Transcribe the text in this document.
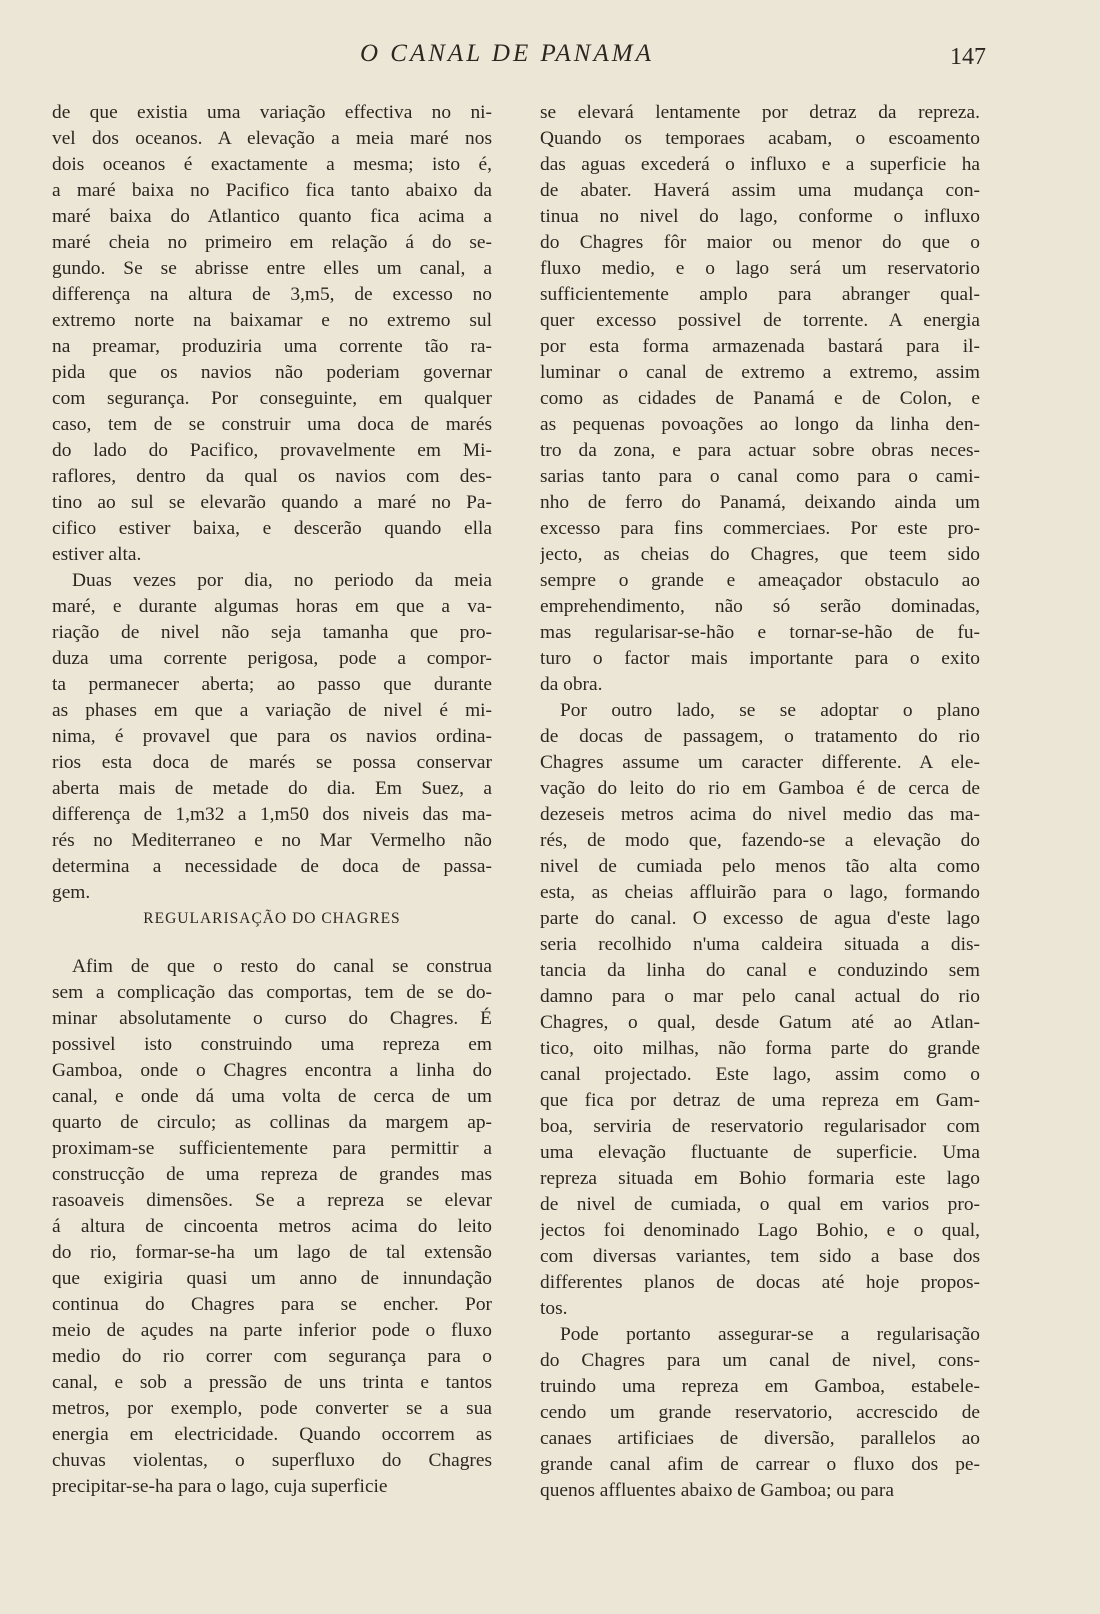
O CANAL DE PANAMA	147
de que existia uma variação effectiva no ni-
vel dos oceanos. A elevação a meia maré nos
dois oceanos é exactamente a mesma; isto é,
a maré baixa no Pacifico fica tanto abaixo da
maré baixa do Atlantico quanto fica acima a
maré cheia no primeiro em relação á do se-
gundo. Se se abrisse entre elles um canal, a
differença na altura de 3,m5, de excesso no
extremo norte na baixamar e no extremo sul
na preamar, produziria uma corrente tão ra-
pida que os navios não poderiam governar
com segurança. Por conseguinte, em qualquer
caso, tem de se construir uma doca de marés
do lado do Pacifico, provavelmente em Mi-
raflores, dentro da qual os navios com des-
tino ao sul se elevarão quando a maré no Pa-
cifico estiver baixa, e descerão quando ella
estiver alta.
Duas vezes por dia, no periodo da meia
maré, e durante algumas horas em que a va-
riação de nivel não seja tamanha que pro-
duza uma corrente perigosa, pode a compor-
ta permanecer aberta; ao passo que durante
as phases em que a variação de nivel é mi-
nima, é provavel que para os navios ordina-
rios esta doca de marés se possa conservar
aberta mais de metade do dia. Em Suez, a
differença de 1,m32 a 1,m50 dos niveis das ma-
rés no Mediterraneo e no Mar Vermelho não
determina a necessidade de doca de passa-
gem.
REGULARISAÇÃO DO CHAGRES
Afim de que o resto do canal se construa
sem a complicação das comportas, tem de se do-
minar absolutamente o curso do Chagres. É
possivel isto construindo uma repreza em
Gamboa, onde o Chagres encontra a linha do
canal, e onde dá uma volta de cerca de um
quarto de circulo; as collinas da margem ap-
proximam-se sufficientemente para permittir a
construcção de uma repreza de grandes mas
rasoaveis dimensões. Se a repreza se elevar
á altura de cincoenta metros acima do leito
do rio, formar-se-ha um lago de tal extensão
que exigiria quasi um anno de innundação
continua do Chagres para se encher. Por
meio de açudes na parte inferior pode o fluxo
medio do rio correr com segurança para o
canal, e sob a pressão de uns trinta e tantos
metros, por exemplo, pode converter se a sua
energia em electricidade. Quando occorrem as
chuvas violentas, o superfluxo do Chagres
precipitar-se-ha para o lago, cuja superficie
se elevará lentamente por detraz da repreza.
Quando os temporaes acabam, o escoamento
das aguas excederá o influxo e a superficie ha
de abater. Haverá assim uma mudança con-
tinua no nivel do lago, conforme o influxo
do Chagres fôr maior ou menor do que o
fluxo medio, e o lago será um reservatorio
sufficientemente amplo para abranger qual-
quer excesso possivel de torrente. A energia
por esta forma armazenada bastará para il-
luminar o canal de extremo a extremo, assim
como as cidades de Panamá e de Colon, e
as pequenas povoações ao longo da linha den-
tro da zona, e para actuar sobre obras neces-
sarias tanto para o canal como para o cami-
nho de ferro do Panamá, deixando ainda um
excesso para fins commerciaes. Por este pro-
jecto, as cheias do Chagres, que teem sido
sempre o grande e ameaçador obstaculo ao
emprehendimento, não só serão dominadas,
mas regularisar-se-hão e tornar-se-hão de fu-
turo o factor mais importante para o exito
da obra.
Por outro lado, se se adoptar o plano
de docas de passagem, o tratamento do rio
Chagres assume um caracter differente. A ele-
vação do leito do rio em Gamboa é de cerca de
dezeseis metros acima do nivel medio das ma-
rés, de modo que, fazendo-se a elevação do
nivel de cumiada pelo menos tão alta como
esta, as cheias affluirão para o lago, formando
parte do canal. O excesso de agua d'este lago
seria recolhido n'uma caldeira situada a dis-
tancia da linha do canal e conduzindo sem
damno para o mar pelo canal actual do rio
Chagres, o qual, desde Gatum até ao Atlan-
tico, oito milhas, não forma parte do grande
canal projectado. Este lago, assim como o
que fica por detraz de uma repreza em Gam-
boa, serviria de reservatorio regularisador com
uma elevação fluctuante de superficie. Uma
repreza situada em Bohio formaria este lago
de nivel de cumiada, o qual em varios pro-
jectos foi denominado Lago Bohio, e o qual,
com diversas variantes, tem sido a base dos
differentes planos de docas até hoje propos-
tos.
Pode portanto assegurar-se a regularisação
do Chagres para um canal de nivel, cons-
truindo uma repreza em Gamboa, estabele-
cendo um grande reservatorio, accrescido de
canaes artificiaes de diversão, parallelos ao
grande canal afim de carrear o fluxo dos pe-
quenos affluentes abaixo de Gamboa; ou para
